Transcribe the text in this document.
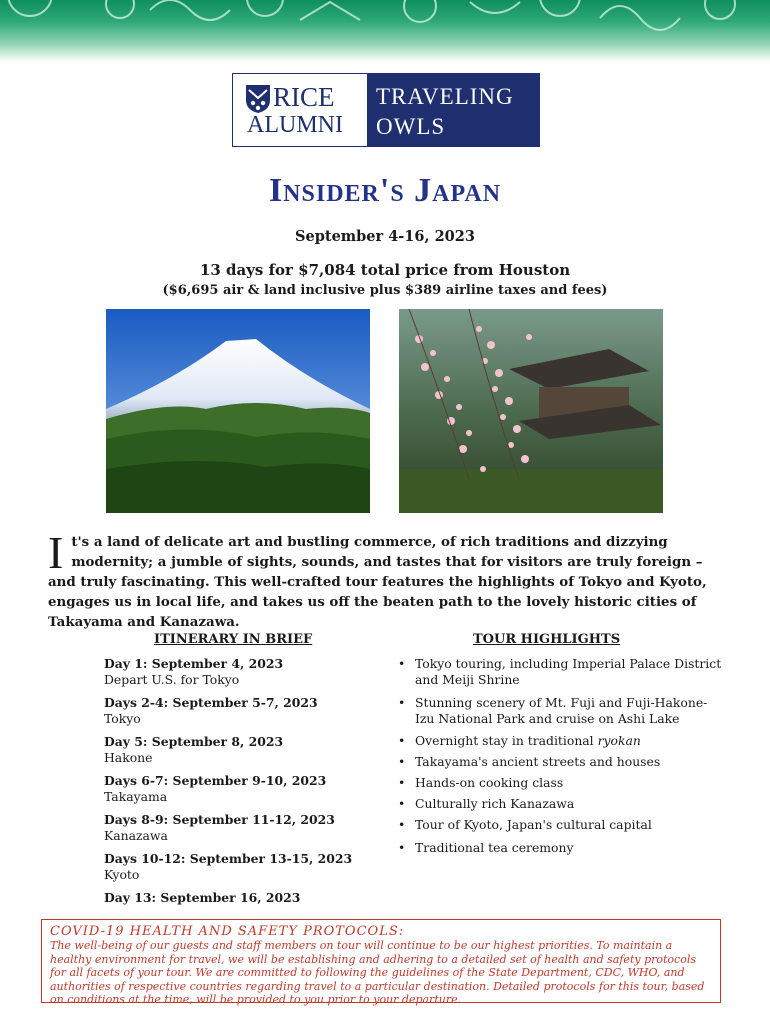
RICE
ALUMNI
TRAVELING
OWLS
Insider's Japan
September 4-16, 2023
13 days for $7,084 total price from Houston
($6,695 air & land inclusive plus $389 airline taxes and fees)
I t's a land of delicate art and bustling commerce, of rich traditions and dizzying modernity; a jumble of sights, sounds, and tastes that for visitors are truly foreign – and truly fascinating. This well-crafted tour features the highlights of Tokyo and Kyoto, engages us in local life, and takes us off the beaten path to the lovely historic cities of Takayama and Kanazawa.
ITINERARY IN BRIEF
Day 1: September 4, 2023
Depart U.S. for Tokyo
Days 2-4: September 5-7, 2023
Tokyo
Day 5: September 8, 2023
Hakone
Days 6-7: September 9-10, 2023
Takayama
Days 8-9: September 11-12, 2023
Kanazawa
Days 10-12: September 13-15, 2023
Kyoto
Day 13: September 16, 2023
TOUR HIGHLIGHTS
• Tokyo touring, including Imperial Palace District and Meiji Shrine
• Stunning scenery of Mt. Fuji and Fuji-Hakone-Izu National Park and cruise on Ashi Lake
• Overnight stay in traditional ryokan
• Takayama's ancient streets and houses
• Hands-on cooking class
• Culturally rich Kanazawa
• Tour of Kyoto, Japan's cultural capital
• Traditional tea ceremony
COVID-19 HEALTH AND SAFETY PROTOCOLS:
The well-being of our guests and staff members on tour will continue to be our highest priorities. To maintain a healthy environment for travel, we will be establishing and adhering to a detailed set of health and safety protocols for all facets of your tour. We are committed to following the guidelines of the State Department, CDC, WHO, and authorities of respective countries regarding travel to a particular destination. Detailed protocols for this tour, based on conditions at the time, will be provided to you prior to your departure.
